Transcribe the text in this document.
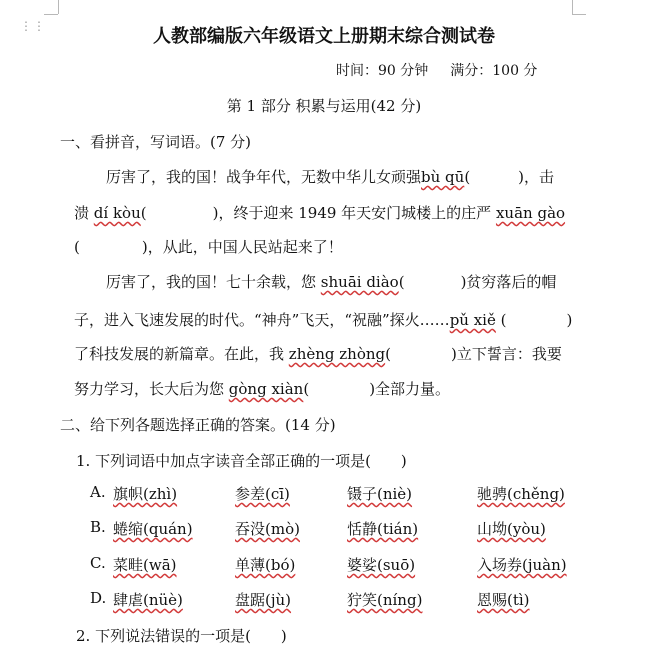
⋮⋮	人教部编版六年级语文上册期末综合测试卷
时间：90 分钟 满分：100 分
第 1 部分 积累与运用(42 分)
一、看拼音，写词语。(7 分)
厉害了，我的国！战争年代，无数中华儿女顽强bù qū(	)，击
溃 dí kòu(	)，终于迎来 1949 年天安门城楼上的庄严 xuān gào
(	)，从此，中国人民站起来了！
厉害了，我的国！七十余载，您 shuāi diào(	)贫穷落后的帽
子，进入飞速发展的时代。“神舟”飞天，“祝融”探火……pǔ xiě (	)
了科技发展的新篇章。在此，我 zhèng zhòng(	)立下誓言：我要
努力学习，长大后为您 gòng xiàn(	)全部力量。
二、给下列各题选择正确的答案。(14 分)
1. 下列词语中加点字读音全部正确的一项是(　　)
A. 旗帜(zhì)	参差(cī)	镊子(niè)	驰骋(chěng)
B. 蜷缩(quán)	吞没(mò)	恬静(tián)	山坳(yòu)
C. 菜畦(wā)	单薄(bó)	婆娑(suō)	入场券(juàn)
D. 肆虐(nüè)	盘踞(jù)	狞笑(níng)	恩赐(tì)
2. 下列说法错误的一项是(　　)
